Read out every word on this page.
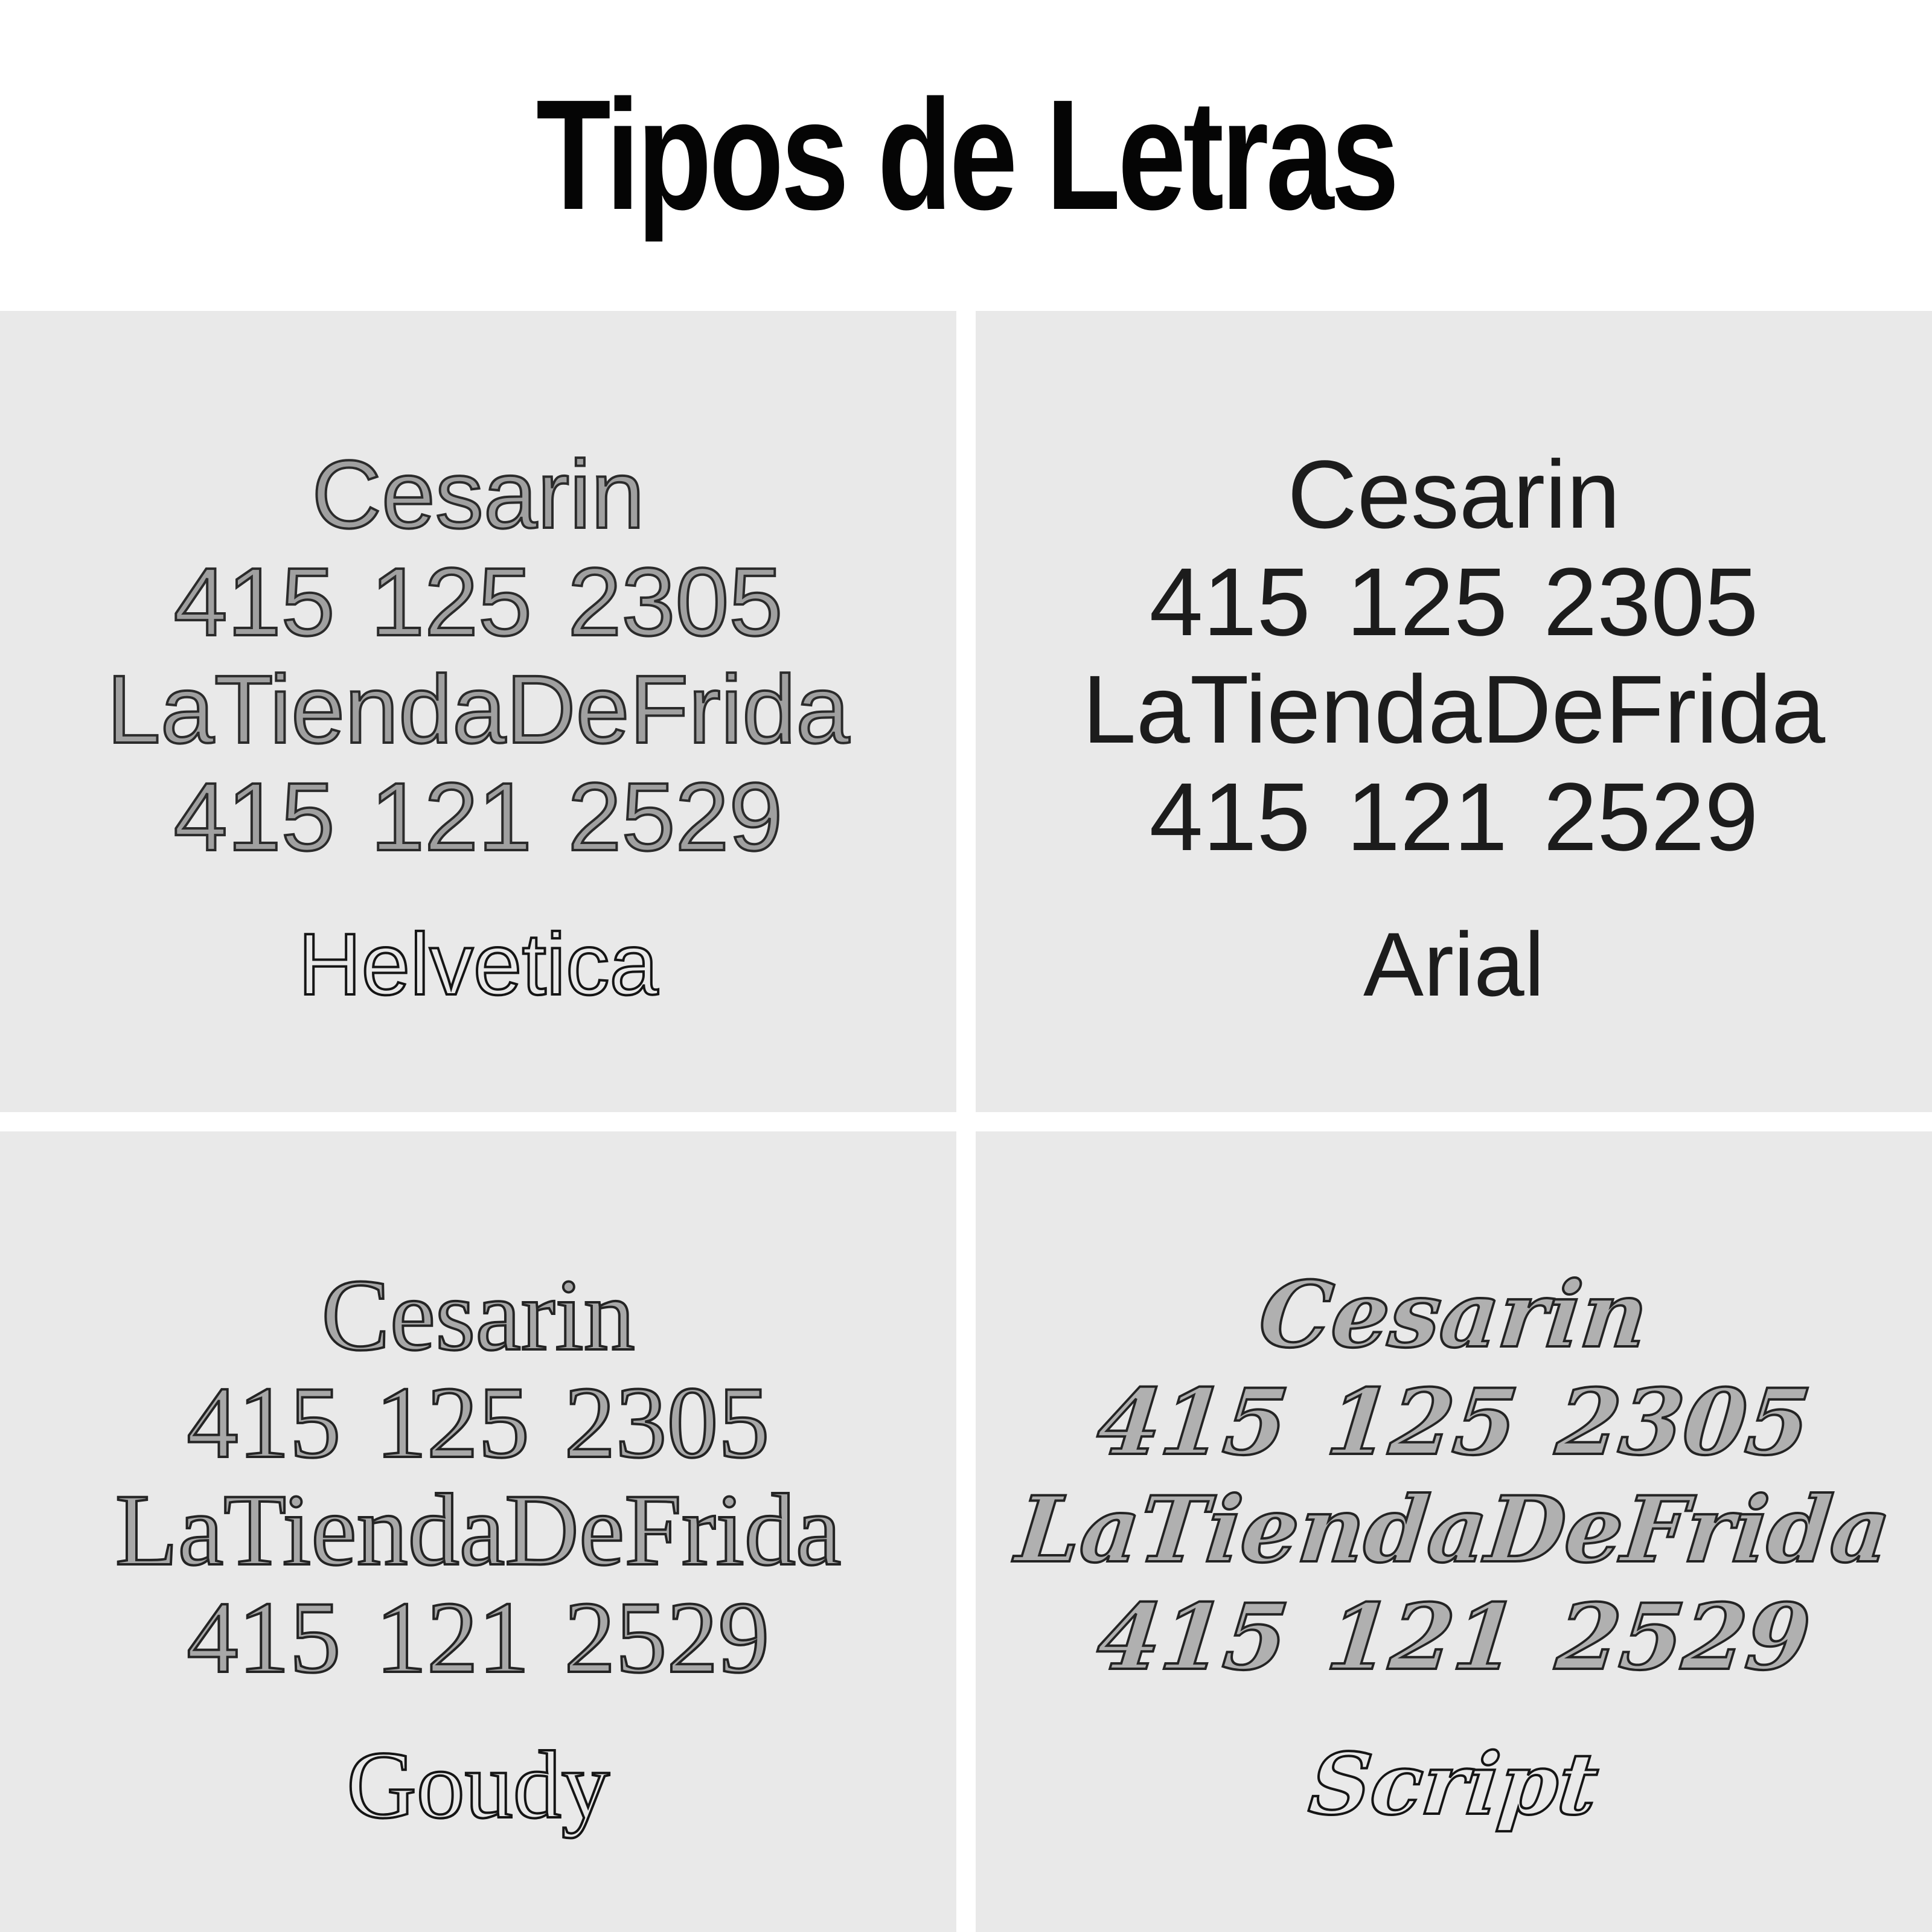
Tipos de Letras
Cesarin
415 125 2305
LaTiendaDeFrida
415 121 2529
Helvetica
Cesarin
415 125 2305
LaTiendaDeFrida
415 121 2529
Arial
Cesarin
415 125 2305
LaTiendaDeFrida
415 121 2529
Goudy
Cesarin
415 125 2305
LaTiendaDeFrida
415 121 2529
Script
